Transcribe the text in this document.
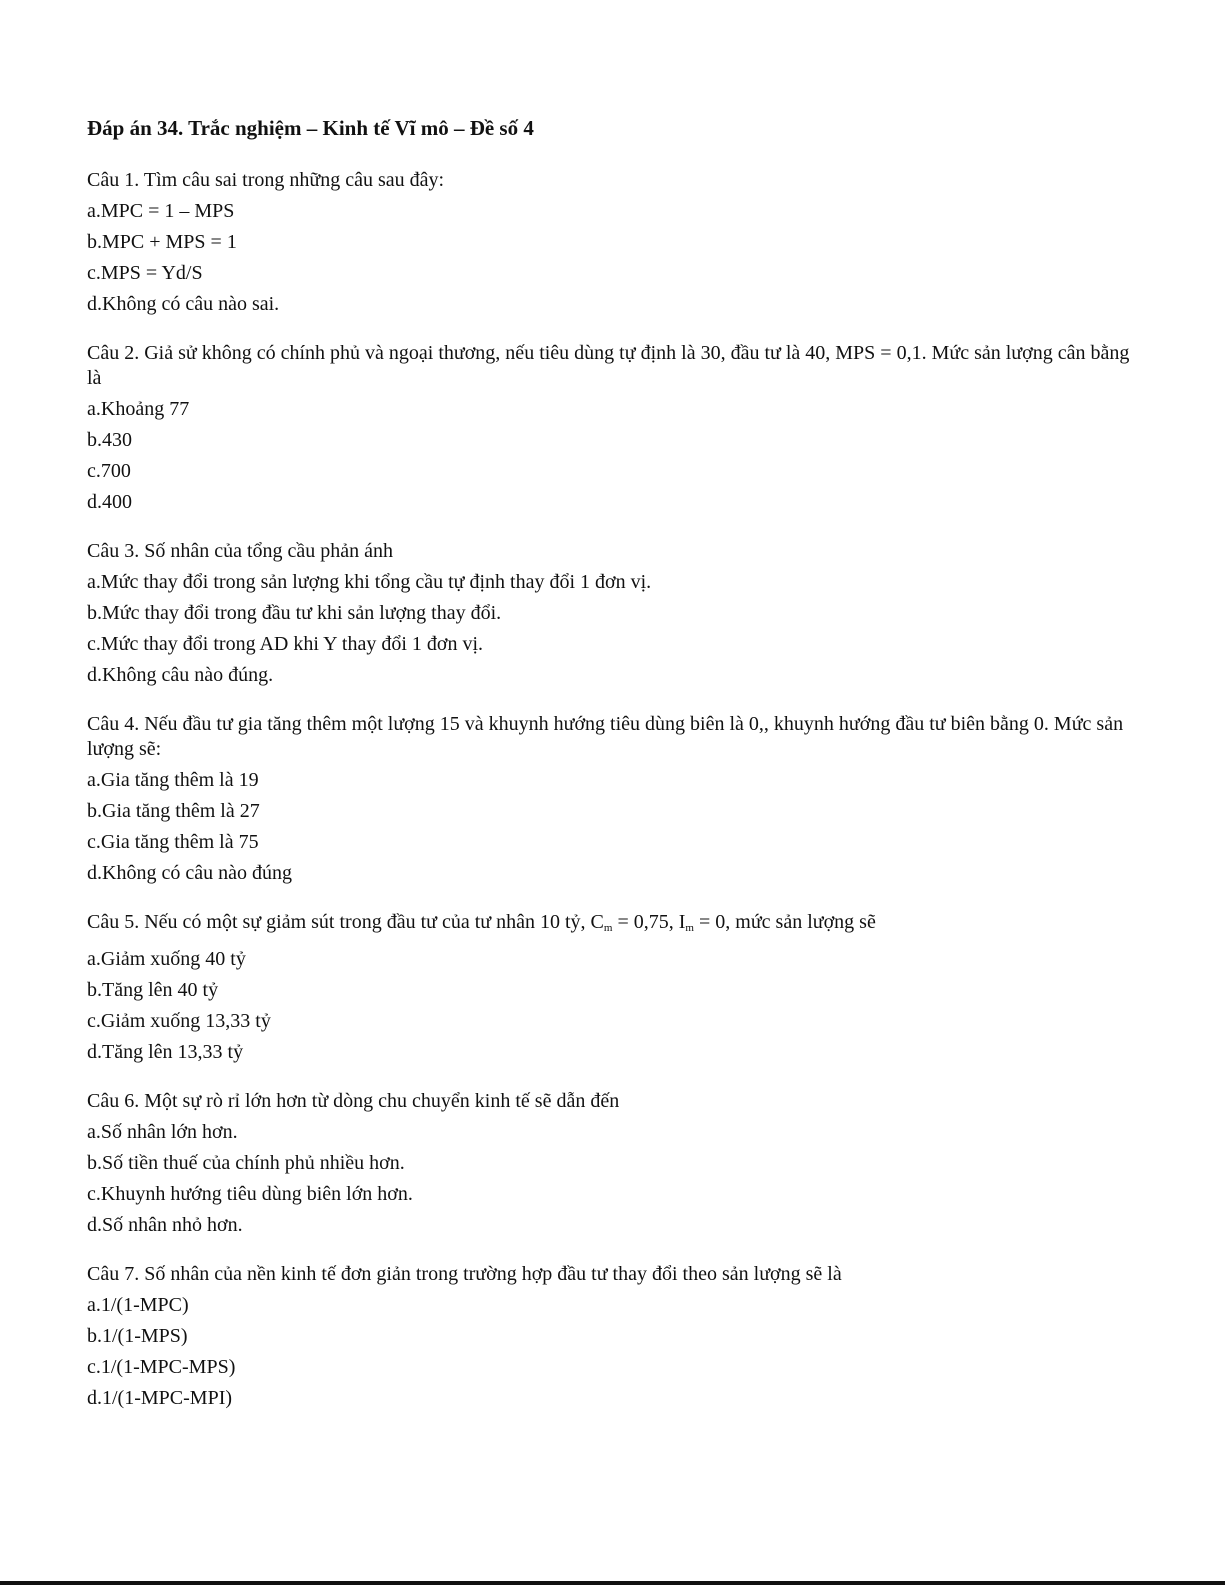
Đáp án 34. Trắc nghiệm – Kinh tế Vĩ mô – Đề số 4
Câu 1. Tìm câu sai trong những câu sau đây:
a.MPC = 1 – MPS
b.MPC + MPS = 1
c.MPS = Yd/S
d.Không có câu nào sai.
Câu 2. Giả sử không có chính phủ và ngoại thương, nếu tiêu dùng tự định là 30, đầu tư là 40, MPS = 0,1. Mức sản lượng cân bằng là
a.Khoảng 77
b.430
c.700
d.400
Câu 3. Số nhân của tổng cầu phản ánh
a.Mức thay đổi trong sản lượng khi tổng cầu tự định thay đổi 1 đơn vị.
b.Mức thay đổi trong đầu tư khi sản lượng thay đổi.
c.Mức thay đổi trong AD khi Y thay đổi 1 đơn vị.
d.Không câu nào đúng.
Câu 4. Nếu đầu tư gia tăng thêm một lượng 15 và khuynh hướng tiêu dùng biên là 0,, khuynh hướng đầu tư biên bằng 0. Mức sản lượng sẽ:
a.Gia tăng thêm là 19
b.Gia tăng thêm là 27
c.Gia tăng thêm là 75
d.Không có câu nào đúng
Câu 5. Nếu có một sự giảm sút trong đầu tư của tư nhân 10 tỷ, $C_m = 0,75$, $I_m = 0$, mức sản lượng sẽ
a.Giảm xuống 40 tỷ
b.Tăng lên 40 tỷ
c.Giảm xuống 13,33 tỷ
d.Tăng lên 13,33 tỷ
Câu 6. Một sự rò rỉ lớn hơn từ dòng chu chuyển kinh tế sẽ dẫn đến
a.Số nhân lớn hơn.
b.Số tiền thuế của chính phủ nhiều hơn.
c.Khuynh hướng tiêu dùng biên lớn hơn.
d.Số nhân nhỏ hơn.
Câu 7. Số nhân của nền kinh tế đơn giản trong trường hợp đầu tư thay đổi theo sản lượng sẽ là
a.1/(1-MPC)
b.1/(1-MPS)
c.1/(1-MPC-MPS)
d.1/(1-MPC-MPI)
